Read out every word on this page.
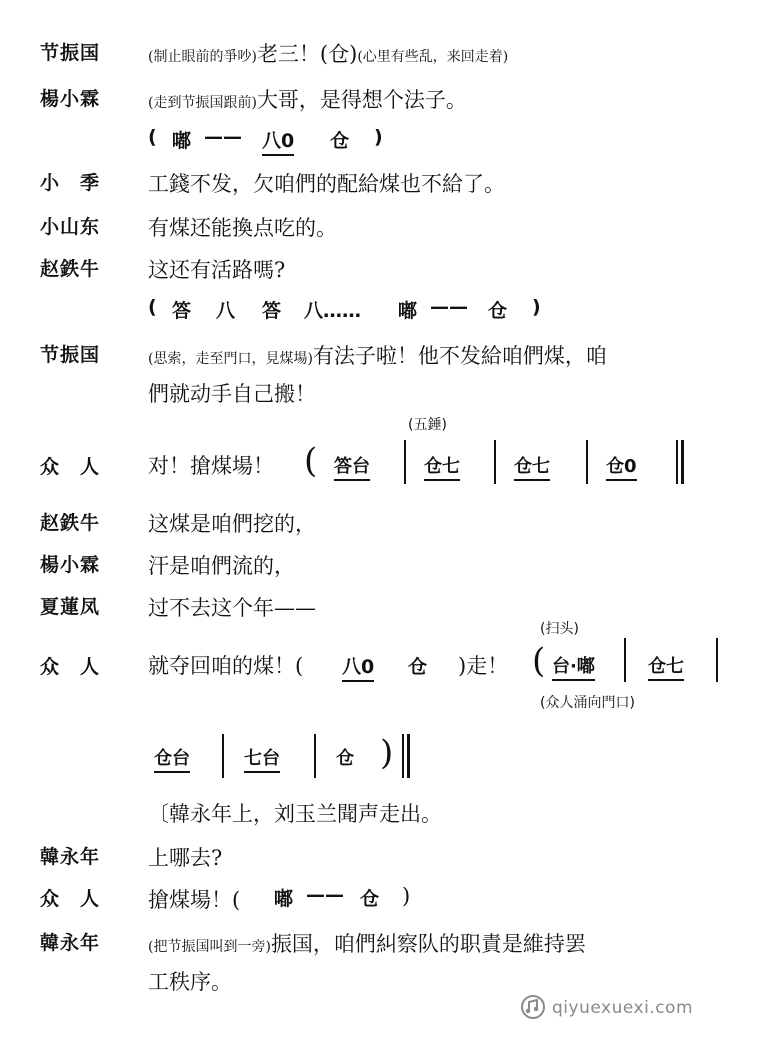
节振国	(制止眼前的爭吵)老三！(仓)(心里有些乱，来回走着)
楊小霖	(走到节振国跟前)大哥，是得想个法子。
( 嘟 —— 八0 仓 )
小　季	工錢不发，欠咱們的配給煤也不給了。
小山东	有煤还能換点吃的。
赵鉄牛	这还有活路嗎?
( 答 八 答 八…… 嘟 —— 仓 )
节振国	(思索，走至門口，見煤場)有法子啦！他不发給咱們煤，咱
們就动手自己搬！
(五錘)
众　人	对！搶煤場！ ( 答台	仓七	仓七	仓0
赵鉄牛	这煤是咱們挖的，
楊小霖	汗是咱們流的，
夏蓮凤	过不去这个年——
(扫头)
众　人	就夺回咱的煤！( 八0 仓 )走！ ( 台·嘟	仓七
(众人涌向門口)
仓台	七台	仓 )
〔韓永年上，刘玉兰聞声走出。
韓永年	上哪去?
众　人	搶煤場！( 嘟 —— 仓 )
韓永年	(把节振国叫到一旁)振国，咱們糾察队的职責是維持罢
工秩序。
qiyuexuexi.com
